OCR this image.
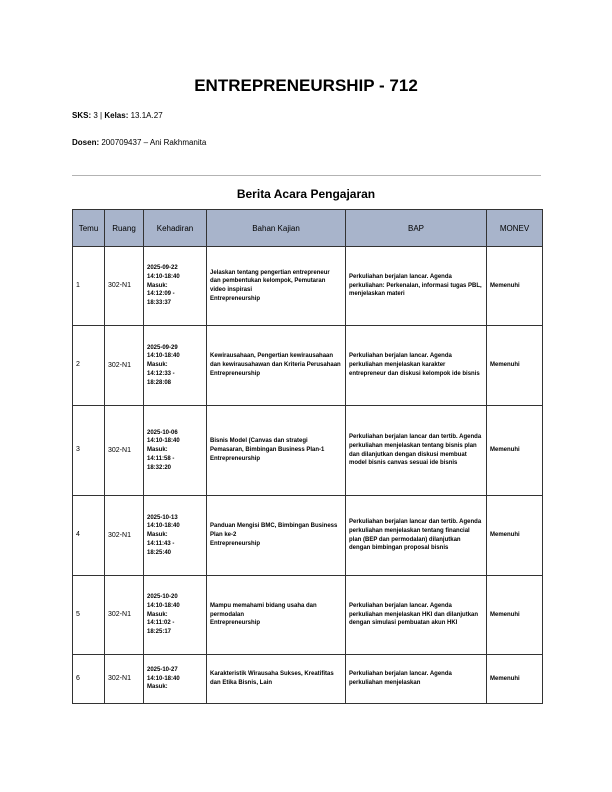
ENTREPRENEURSHIP - 712

SKS: 3 | Kelas: 13.1A.27

Dosen: 200709437 – Ani Rakhmanita

Berita Acara Pengajaran
Temu	Ruang	Kehadiran	Bahan Kajian	BAP	MONEV
1	302-N1	2025-09-22
14:10-18:40
Masuk:
14:12:09 -
18:33:37	Jelaskan tentang pengertian entrepreneur dan pembentukan kelompok, Pemutaran video inspirasi
Entrepreneurship	Perkuliahan berjalan lancar. Agenda perkuliahan: Perkenalan, informasi tugas PBL, menjelaskan materi	Memenuhi
2	302-N1	2025-09-29
14:10-18:40
Masuk:
14:12:33 -
18:28:08	Kewirausahaan, Pengertian kewirausahaan dan kewirausahawan dan Kriteria Perusahaan
Entrepreneurship	Perkuliahan berjalan lancar. Agenda perkuliahan menjelaskan karakter entrepreneur dan diskusi kelompok ide bisnis	Memenuhi
3	302-N1	2025-10-06
14:10-18:40
Masuk:
14:11:58 -
18:32:20	Bisnis Model (Canvas dan strategi Pemasaran, Bimbingan Business Plan-1
Entrepreneurship	Perkuliahan berjalan lancar dan tertib. Agenda perkuliahan menjelaskan tentang bisnis plan dan dilanjutkan dengan diskusi membuat model bisnis canvas sesuai ide bisnis	Memenuhi
4	302-N1	2025-10-13
14:10-18:40
Masuk:
14:11:43 -
18:25:40	Panduan Mengisi BMC, Bimbingan Business Plan ke-2
Entrepreneurship	Perkuliahan berjalan lancar dan tertib. Agenda perkuliahan menjelaskan tentang financial plan (BEP dan permodalan) dilanjutkan dengan bimbingan proposal bisnis	Memenuhi
5	302-N1	2025-10-20
14:10-18:40
Masuk:
14:11:02 -
18:25:17	Mampu memahami bidang usaha dan permodalan
Entrepreneurship	Perkuliahan berjalan lancar. Agenda perkuliahan menjelaskan HKI dan dilanjutkan dengan simulasi pembuatan akun HKI	Memenuhi
6	302-N1	2025-10-27
14:10-18:40
Masuk:	Karakteristik Wirausaha Sukses, Kreatifitas dan Etika Bisnis, Lain	Perkuliahan berjalan lancar. Agenda perkuliahan menjelaskan	Memenuhi
